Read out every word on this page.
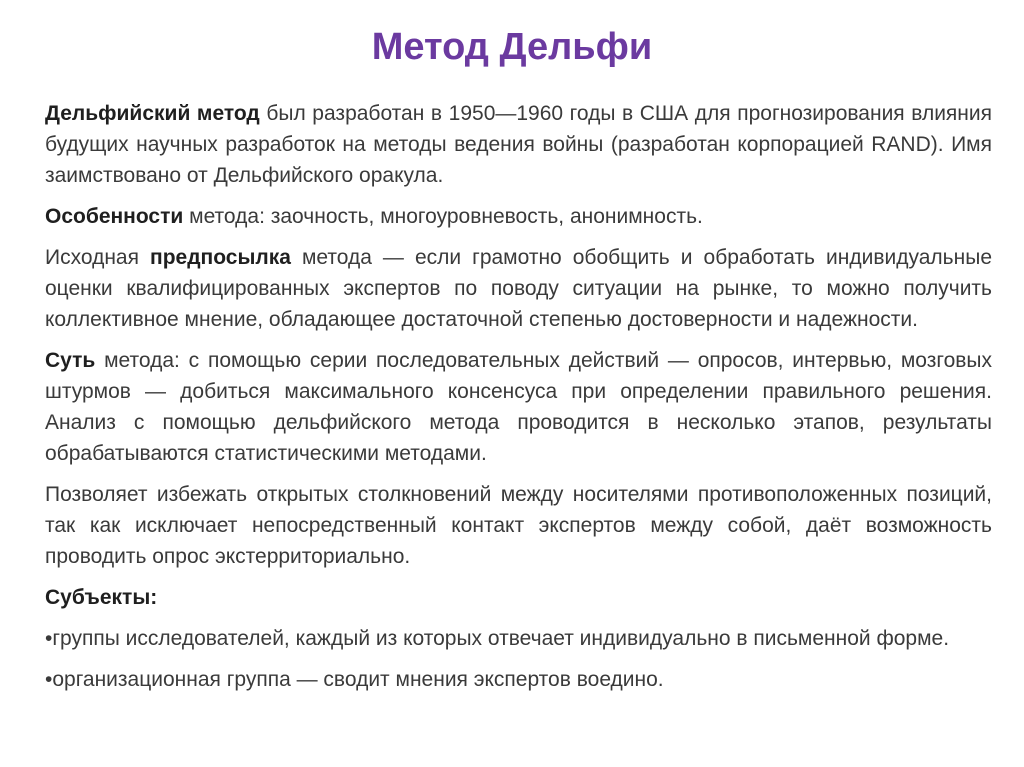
Метод Дельфи

Дельфийский метод был разработан в 1950—1960 годы в США для прогнозирования влияния будущих научных разработок на методы ведения войны (разработан корпорацией RAND). Имя заимствовано от Дельфийского оракула.

Особенности метода: заочность, многоуровневость, анонимность.

Исходная предпосылка метода — если грамотно обобщить и обработать индивидуальные оценки квалифицированных экспертов по поводу ситуации на рынке, то можно получить коллективное мнение, обладающее достаточной степенью достоверности и надежности.

Суть метода: с помощью серии последовательных действий — опросов, интервью, мозговых штурмов — добиться максимального консенсуса при определении правильного решения. Анализ с помощью дельфийского метода проводится в несколько этапов, результаты обрабатываются статистическими методами.

Позволяет избежать открытых столкновений между носителями противоположенных позиций, так как исключает непосредственный контакт экспертов между собой, даёт возможность проводить опрос экстерриториально.

Субъекты:

•группы исследователей, каждый из которых отвечает индивидуально в письменной форме.

•организационная группа — сводит мнения экспертов воедино.
